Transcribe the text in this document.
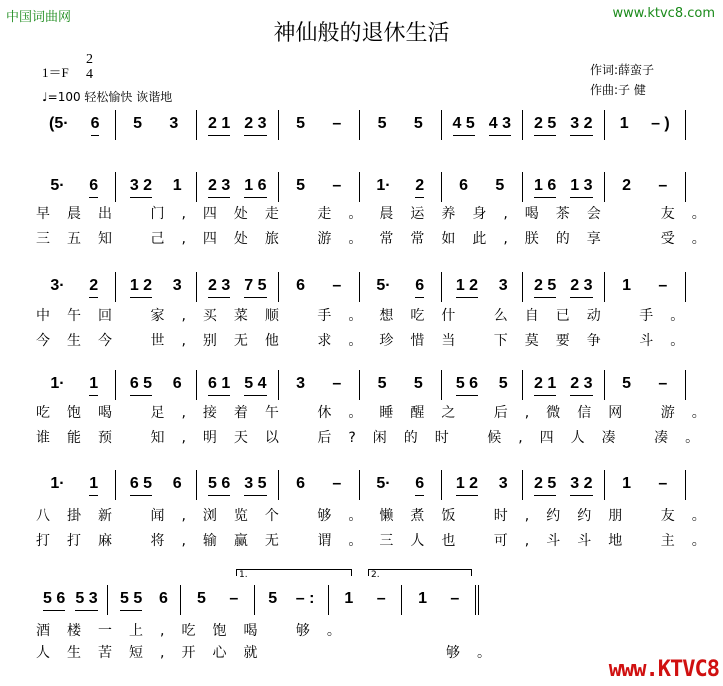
中国词曲网	www.ktvc8.com
神仙般的退休生活
1＝F
2
4
♩=100 轻松愉快 诙谐地
作词:薛蛮子
作曲:子 健
(5· 6 5 3 2 1 2 3 5 – 5 5 4 5 4 3 2 5 3 2 1 – )
5· 6 3 2 1 2 3 1 6 5 – 1· 2 6 5 1 6 1 3 2 –
早晨出 门,四处走 走。晨运养身,喝茶会  友。
三五知 己,四处旅 游。常常如此,朕的享  受。
3· 2 1 2 3 2 3 7 5 6 – 5· 6 1 2 3 2 5 2 3 1 –
中午回 家,买菜顺 手。想吃什 么自已动 手。
今生今 世,别无他 求。珍惜当 下莫要争 斗。
1· 1 6 5 6 6 1 5 4 3 – 5 5 5 6 5 2 1 2 3 5 –
吃饱喝 足,接着午 休。睡醒之 后,微信网 游。
谁能预 知,明天以 后?闲的时 候,四人凑 凑。
1· 1 6 5 6 5 6 3 5 6 – 5· 6 1 2 3 2 5 3 2 1 –
八掛新 闻,浏览个 够。懒煮饭 时,约约朋 友。
打打麻 将,输赢无 谓。三人也 可,斗斗地 主。
5 6 5 3 5 5 6 5 – 5 – : 1 – 1 –
1.	2.
酒楼一上,吃饱喝 够。
人生苦短,开心就        够。
www.KTVC8
